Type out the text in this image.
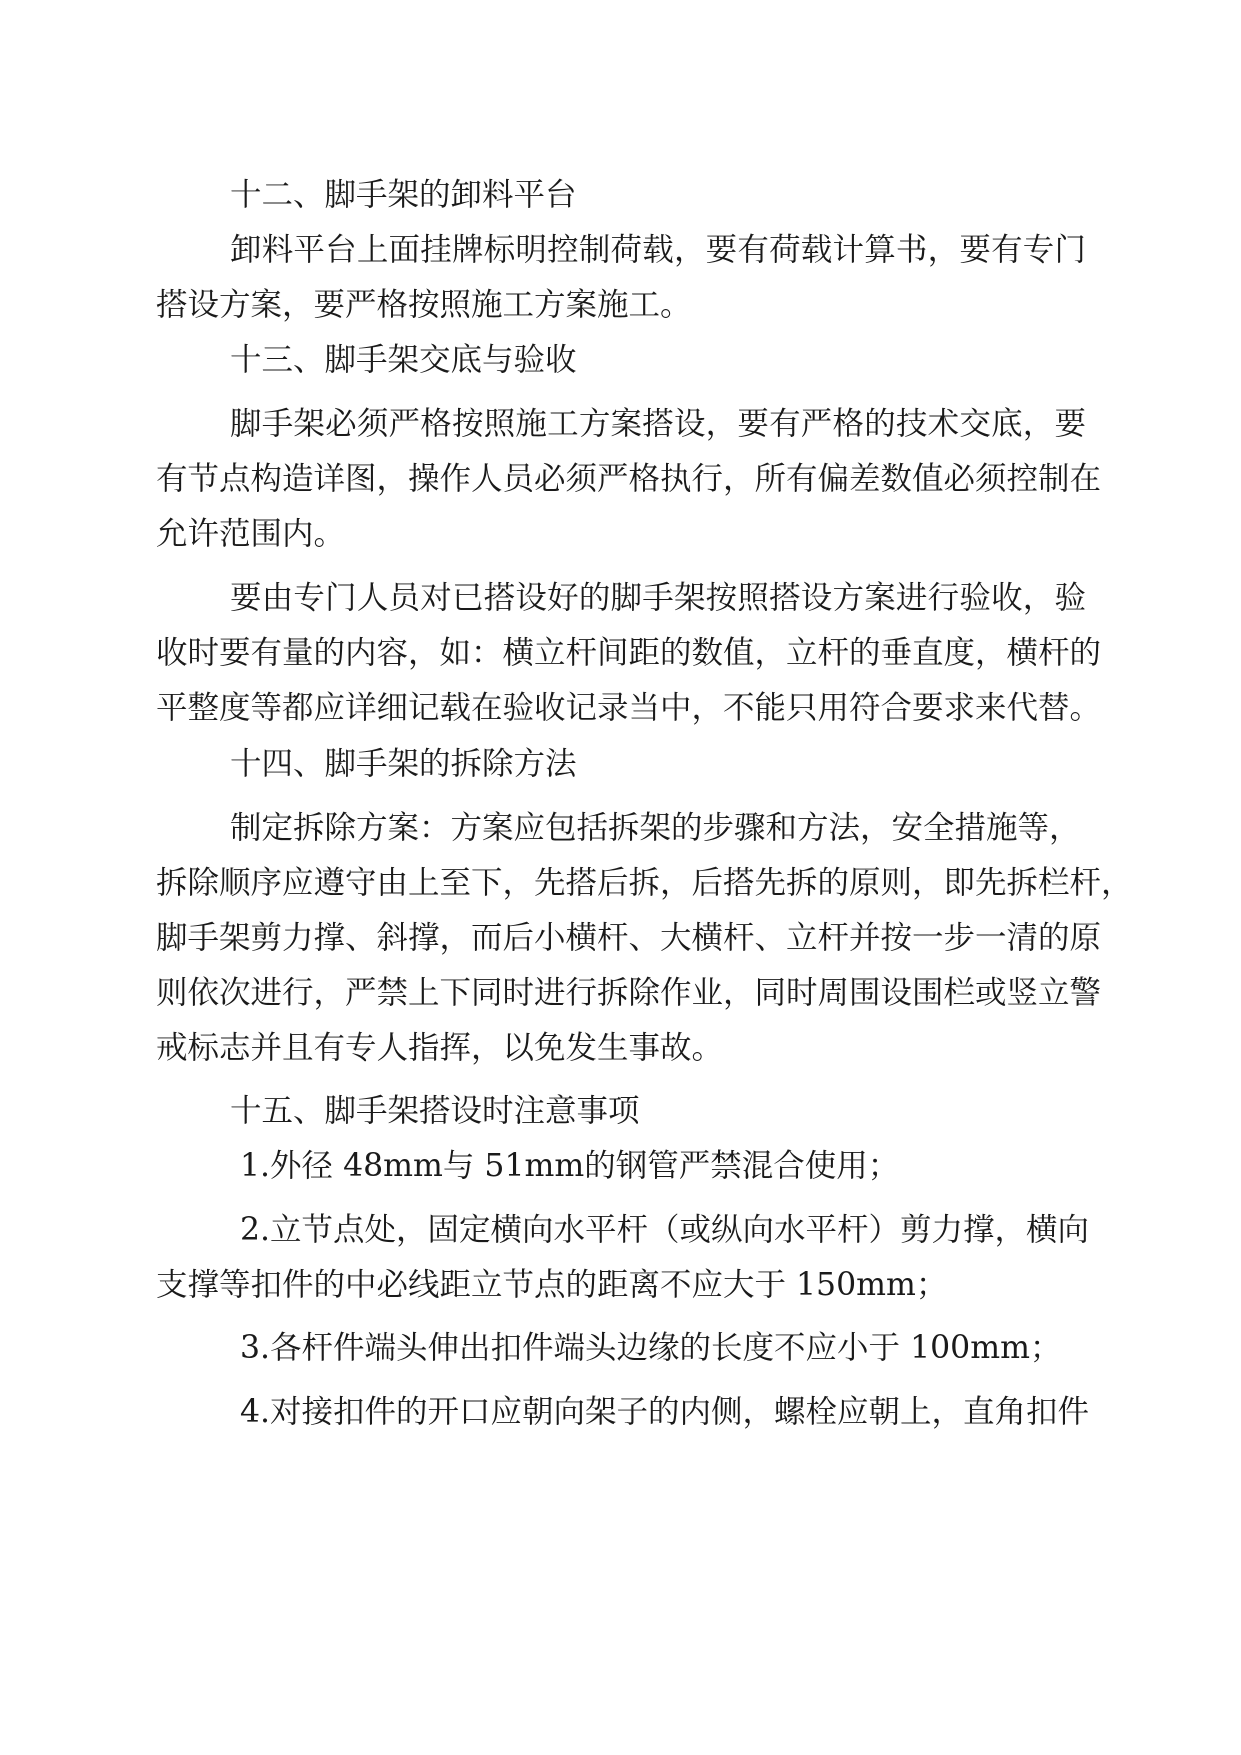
十二、脚手架的卸料平台
卸料平台上面挂牌标明控制荷载，要有荷载计算书，要有专门
搭设方案，要严格按照施工方案施工。
十三、脚手架交底与验收
脚手架必须严格按照施工方案搭设，要有严格的技术交底，要
有节点构造详图，操作人员必须严格执行，所有偏差数值必须控制在
允许范围内。
要由专门人员对已搭设好的脚手架按照搭设方案进行验收，验
收时要有量的内容，如：横立杆间距的数值，立杆的垂直度，横杆的
平整度等都应详细记载在验收记录当中，不能只用符合要求来代替。
十四、脚手架的拆除方法
制定拆除方案：方案应包括拆架的步骤和方法，安全措施等，
拆除顺序应遵守由上至下，先搭后拆，后搭先拆的原则，即先拆栏杆，
脚手架剪力撑、斜撑，而后小横杆、大横杆、立杆并按一步一清的原
则依次进行，严禁上下同时进行拆除作业，同时周围设围栏或竖立警
戒标志并且有专人指挥，以免发生事故。
十五、脚手架搭设时注意事项
1.外径 48mm与 51mm的钢管严禁混合使用；
2.立节点处，固定横向水平杆（或纵向水平杆）剪力撑，横向
支撑等扣件的中必线距立节点的距离不应大于 150mm；
3.各杆件端头伸出扣件端头边缘的长度不应小于 100mm；
4.对接扣件的开口应朝向架子的内侧，螺栓应朝上，直角扣件
